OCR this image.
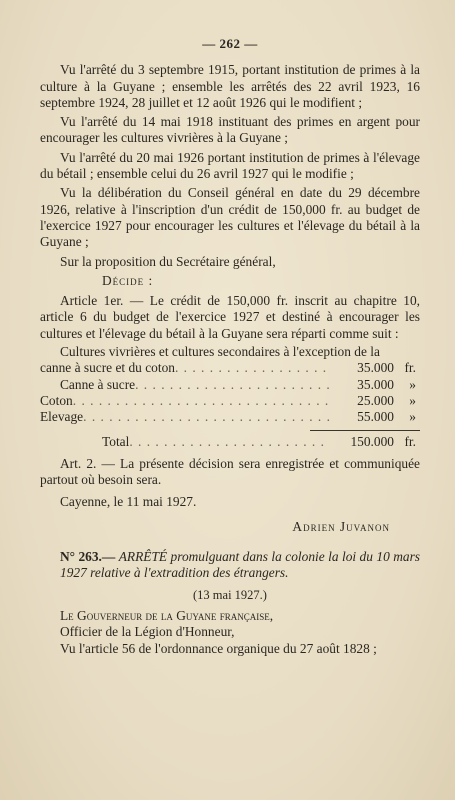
— 262 —

Vu l'arrêté du 3 septembre 1915, portant institution de primes à la culture à la Guyane ; ensemble les arrêtés des 22 avril 1923, 16 septembre 1924, 28 juillet et 12 août 1926 qui le modifient ;

Vu l'arrêté du 14 mai 1918 instituant des primes en argent pour encourager les cultures vivrières à la Guyane ;

Vu l'arrêté du 20 mai 1926 portant institution de primes à l'élevage du bétail ; ensemble celui du 26 avril 1927 qui le modifie ;

Vu la délibération du Conseil général en date du 29 décembre 1926, relative à l'inscription d'un crédit de 150,000 fr. au budget de l'exercice 1927 pour encourager les cultures et l'élevage du bétail à la Guyane ;

Sur la proposition du Secrétaire général,

Décide :

Article 1er. — Le crédit de 150,000 fr. inscrit au chapitre 10, article 6 du budget de l'exercice 1927 et destiné à encourager les cultures et l'élevage du bétail à la Guyane sera réparti comme suit :

Cultures vivrières et cultures secondaires à l'exception de la
canne à sucre et du coton . . .	35.000 fr.
Canne à sucre . . .	35.000	»
Coton . . .	25.000	»
Elevage . . .	55.000	»
Total . . .	150.000 fr.

Art. 2. — La présente décision sera enregistrée et communiquée partout où besoin sera.

Cayenne, le 11 mai 1927.

Adrien Juvanon

N° 263.— ARRÊTÉ promulguant dans la colonie la loi du 10 mars 1927 relative à l'extradition des étrangers.

(13 mai 1927.)

Le Gouverneur de la Guyane française,

Officier de la Légion d'Honneur,

Vu l'article 56 de l'ordonnance organique du 27 août 1828 ;
